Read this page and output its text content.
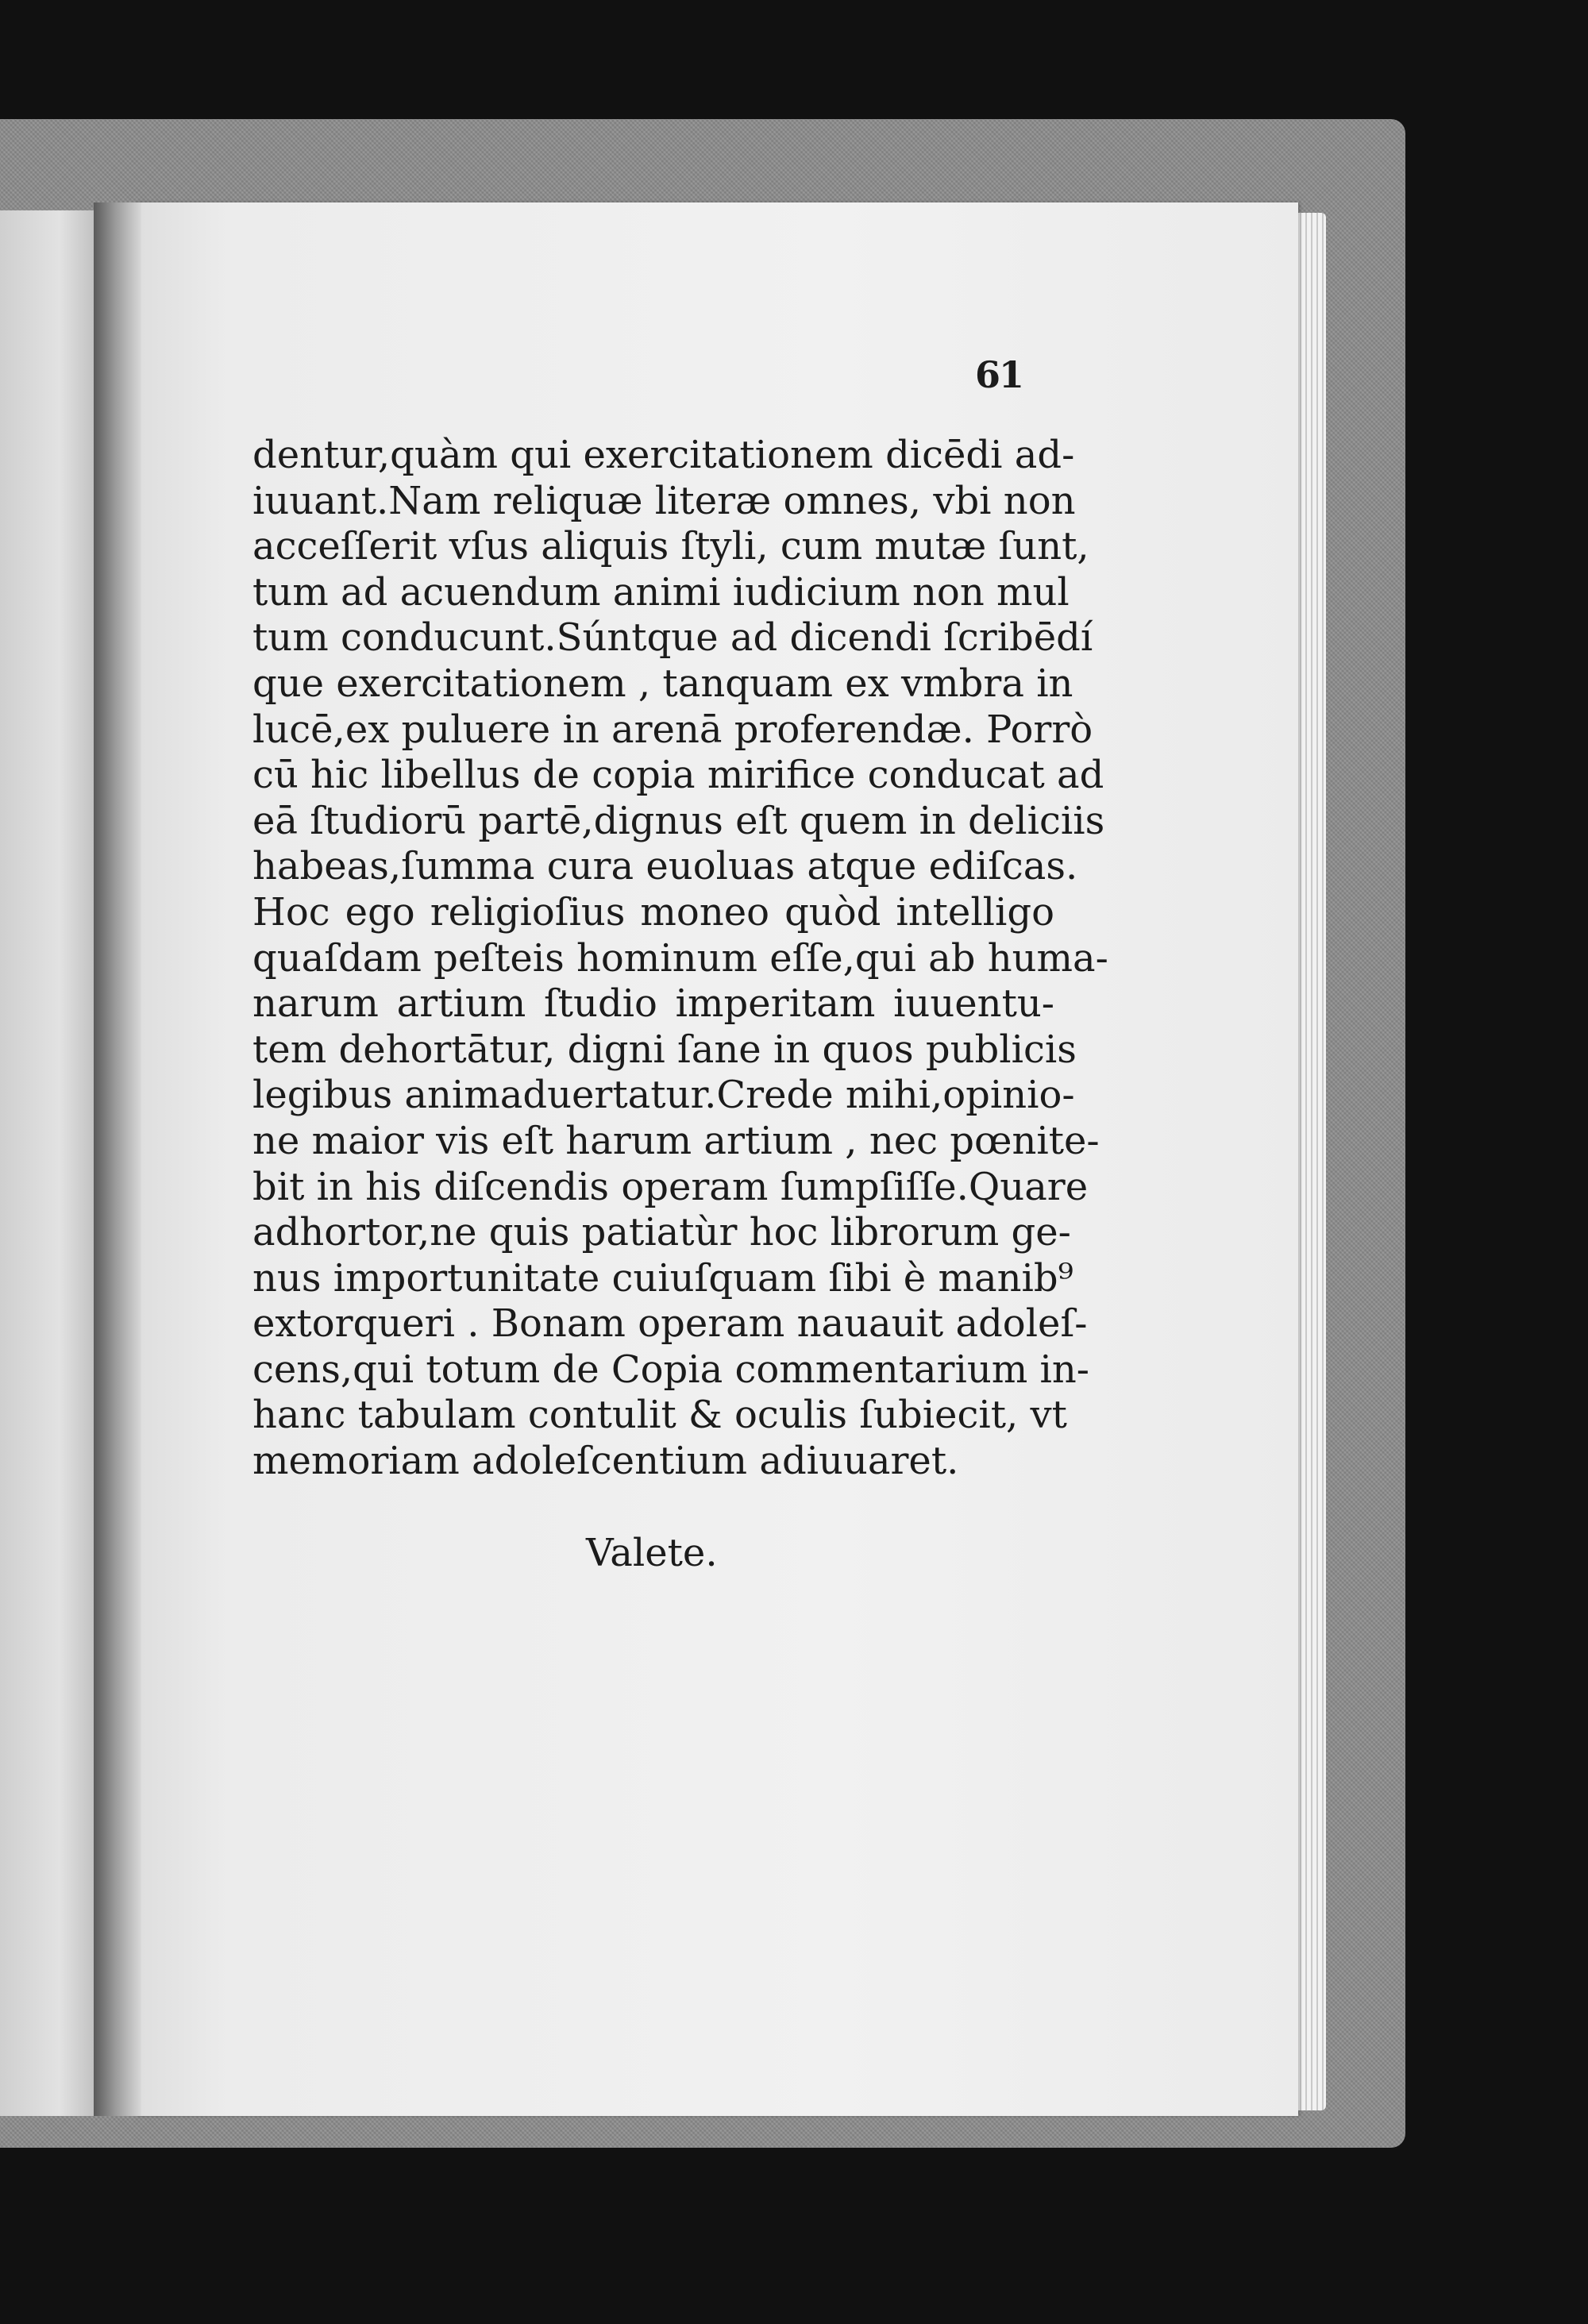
61
dentur,quàm qui exercitationem dicēdi ad-
iuuant.Nam reliquæ literæ omnes, vbi non
acceſſerit vſus aliquis ſtyli, cum mutæ ſunt,
tum ad acuendum animi iudicium non mul
tum conducunt.Súntque ad dicendi ſcribēdí
que exercitationem , tanquam ex vmbra in
lucē,ex puluere in arenā proferendæ. Porrò
cū hic libellus de copia mirifice conducat ad
eā ſtudiorū partē,dignus eſt quem in deliciis
habeas,ſumma cura euoluas atque ediſcas.
Hoc ego religioſius moneo quòd intelligo
quaſdam peſteis hominum eſſe,qui ab huma-
narum artium ſtudio imperitam iuuentu-
tem dehortātur, digni ſane in quos publicis
legibus animaduertatur.Crede mihi,opinio-
ne maior vis eſt harum artium , nec pœnite-
bit in his diſcendis operam ſumpſiſſe.Quare
adhortor,ne quis patiatùr hoc librorum ge-
nus importunitate cuiuſquam ſibi è manib⁹
extorqueri . Bonam operam nauauit adoleſ-
cens,qui totum de Copia commentarium in-
hanc tabulam contulit & oculis ſubiecit, vt
memoriam adoleſcentium adiuuaret.
Valete.
